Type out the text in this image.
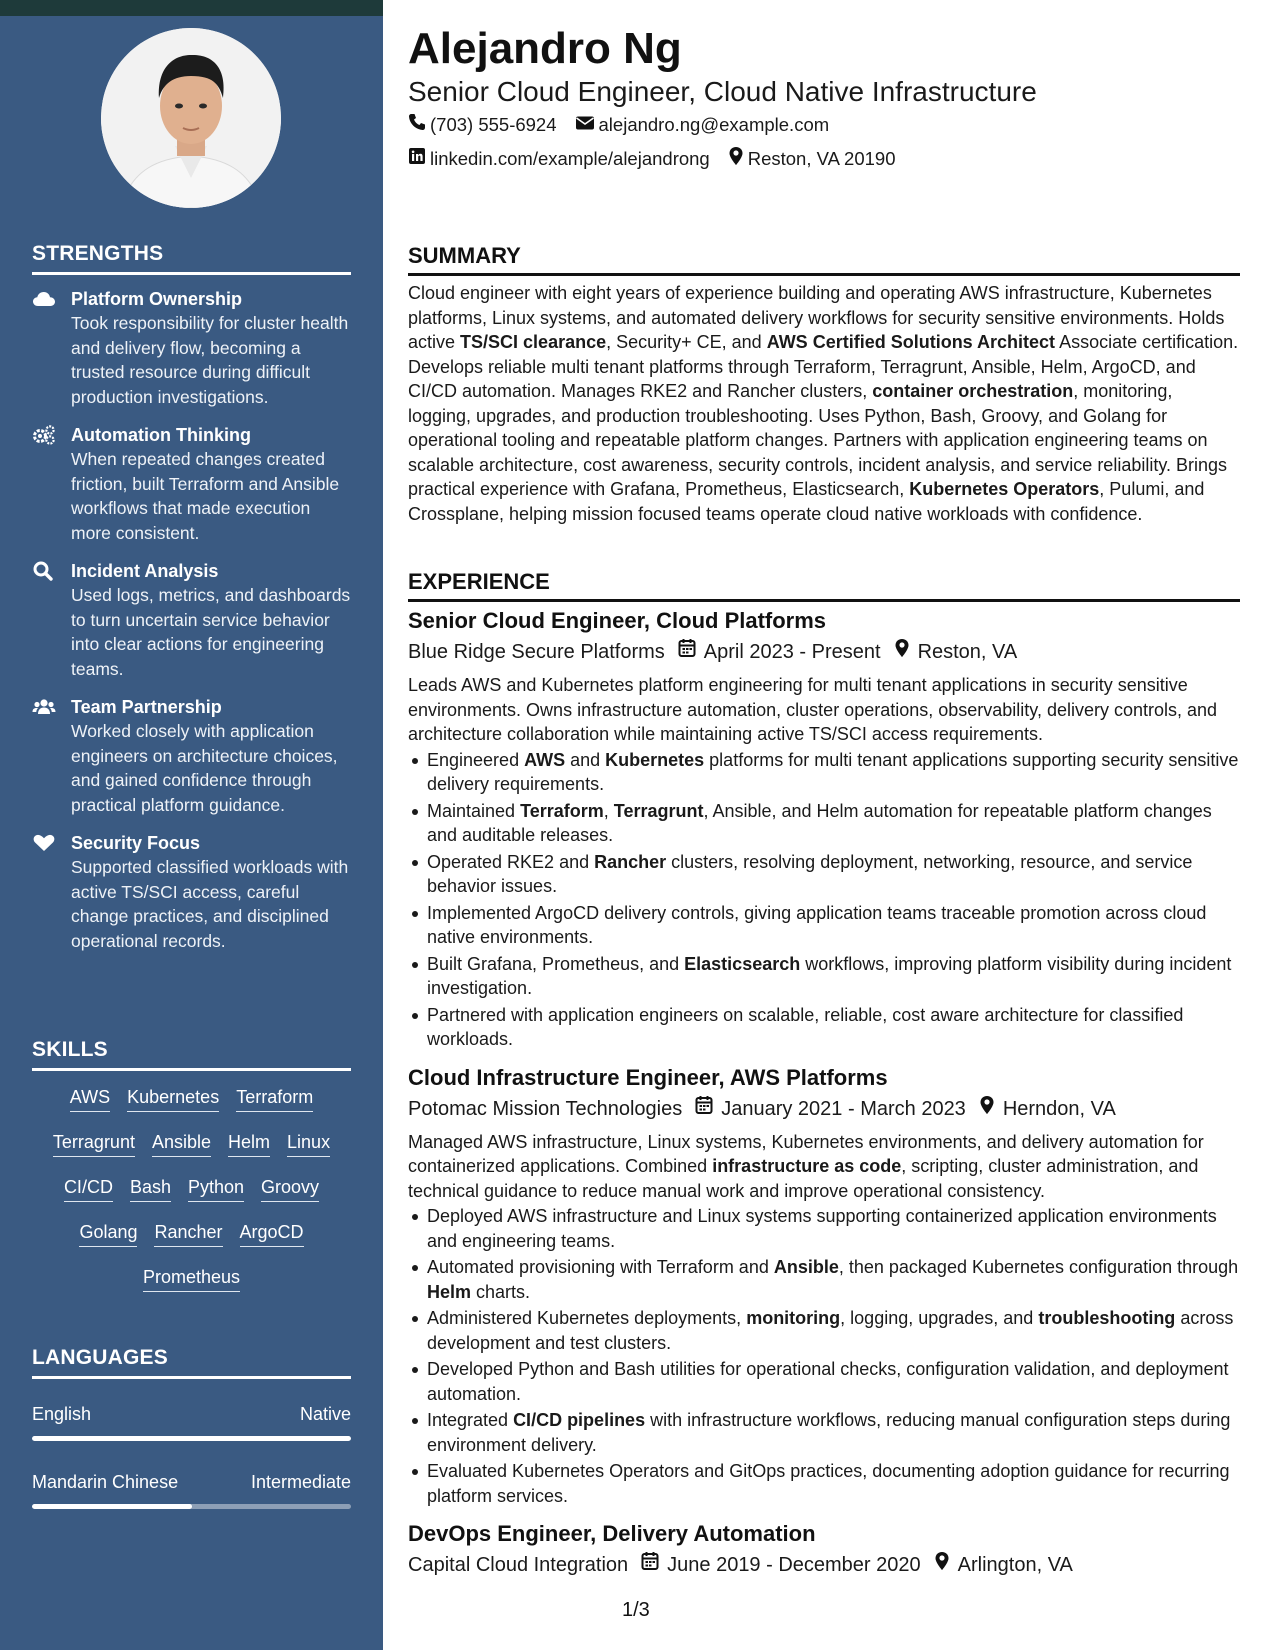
STRENGTHS
Platform Ownership
Took responsibility for cluster health and delivery flow, becoming a trusted resource during difficult production investigations.
Automation Thinking
When repeated changes created friction, built Terraform and Ansible workflows that made execution more consistent.
Incident Analysis
Used logs, metrics, and dashboards to turn uncertain service behavior into clear actions for engineering teams.
Team Partnership
Worked closely with application engineers on architecture choices, and gained confidence through practical platform guidance.
Security Focus
Supported classified workloads with active TS/SCI access, careful change practices, and disciplined operational records.
SKILLS
AWS Kubernetes Terraform
Terragrunt Ansible Helm Linux
CI/CD Bash Python Groovy
Golang Rancher ArgoCD
Prometheus
LANGUAGES
English	Native
Mandarin Chinese	Intermediate
Alejandro Ng
Senior Cloud Engineer, Cloud Native Infrastructure
(703) 555-6924 alejandro.ng@example.com
linkedin.com/example/alejandrong Reston, VA 20190
SUMMARY

Cloud engineer with eight years of experience building and operating AWS infrastructure, Kubernetes platforms, Linux systems, and automated delivery workflows for security sensitive environments. Holds active TS/SCI clearance, Security+ CE, and AWS Certified Solutions Architect Associate certification. Develops reliable multi tenant platforms through Terraform, Terragrunt, Ansible, Helm, ArgoCD, and CI/CD automation. Manages RKE2 and Rancher clusters, container orchestration, monitoring, logging, upgrades, and production troubleshooting. Uses Python, Bash, Groovy, and Golang for operational tooling and repeatable platform changes. Partners with application engineering teams on scalable architecture, cost awareness, security controls, incident analysis, and service reliability. Brings practical experience with Grafana, Prometheus, Elasticsearch, Kubernetes Operators, Pulumi, and Crossplane, helping mission focused teams operate cloud native workloads with confidence.

EXPERIENCE
Senior Cloud Engineer, Cloud Platforms
Blue Ridge Secure Platforms April 2023 - Present Reston, VA

Leads AWS and Kubernetes platform engineering for multi tenant applications in security sensitive environments. Owns infrastructure automation, cluster operations, observability, delivery controls, and architecture collaboration while maintaining active TS/SCI access requirements.

Engineered AWS and Kubernetes platforms for multi tenant applications supporting security sensitive delivery requirements.
Maintained Terraform, Terragrunt, Ansible, and Helm automation for repeatable platform changes and auditable releases.
Operated RKE2 and Rancher clusters, resolving deployment, networking, resource, and service behavior issues.
Implemented ArgoCD delivery controls, giving application teams traceable promotion across cloud native environments.
Built Grafana, Prometheus, and Elasticsearch workflows, improving platform visibility during incident investigation.
Partnered with application engineers on scalable, reliable, cost aware architecture for classified workloads.
Cloud Infrastructure Engineer, AWS Platforms
Potomac Mission Technologies January 2021 - March 2023 Herndon, VA

Managed AWS infrastructure, Linux systems, Kubernetes environments, and delivery automation for containerized applications. Combined infrastructure as code, scripting, cluster administration, and technical guidance to reduce manual work and improve operational consistency.

Deployed AWS infrastructure and Linux systems supporting containerized application environments and engineering teams.
Automated provisioning with Terraform and Ansible, then packaged Kubernetes configuration through Helm charts.
Administered Kubernetes deployments, monitoring, logging, upgrades, and troubleshooting across development and test clusters.
Developed Python and Bash utilities for operational checks, configuration validation, and deployment automation.
Integrated CI/CD pipelines with infrastructure workflows, reducing manual configuration steps during environment delivery.
Evaluated Kubernetes Operators and GitOps practices, documenting adoption guidance for recurring platform services.
DevOps Engineer, Delivery Automation
Capital Cloud Integration June 2019 - December 2020 Arlington, VA
1/3
